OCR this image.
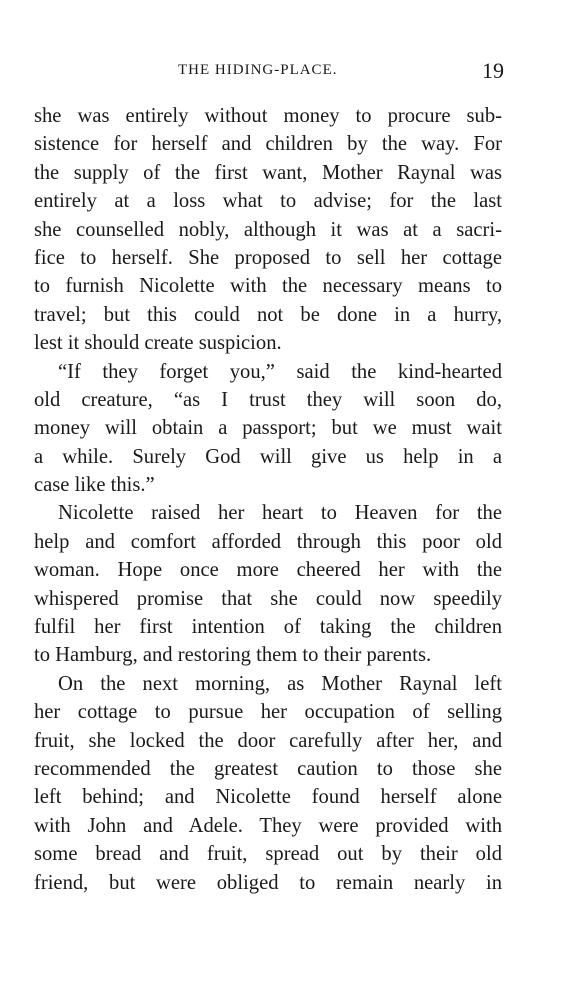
THE HIDING-PLACE.	19
she was entirely without money to procure sub-
sistence for herself and children by the way. For
the supply of the first want, Mother Raynal was
entirely at a loss what to advise; for the last
she counselled nobly, although it was at a sacri-
fice to herself. She proposed to sell her cottage
to furnish Nicolette with the necessary means to
travel; but this could not be done in a hurry,
lest it should create suspicion.
“If they forget you,” said the kind-hearted
old creature, “as I trust they will soon do,
money will obtain a passport; but we must wait
a while. Surely God will give us help in a
case like this.”
Nicolette raised her heart to Heaven for the
help and comfort afforded through this poor old
woman. Hope once more cheered her with the
whispered promise that she could now speedily
fulfil her first intention of taking the children
to Hamburg, and restoring them to their parents.
On the next morning, as Mother Raynal left
her cottage to pursue her occupation of selling
fruit, she locked the door carefully after her, and
recommended the greatest caution to those she
left behind; and Nicolette found herself alone
with John and Adele. They were provided with
some bread and fruit, spread out by their old
friend, but were obliged to remain nearly in
